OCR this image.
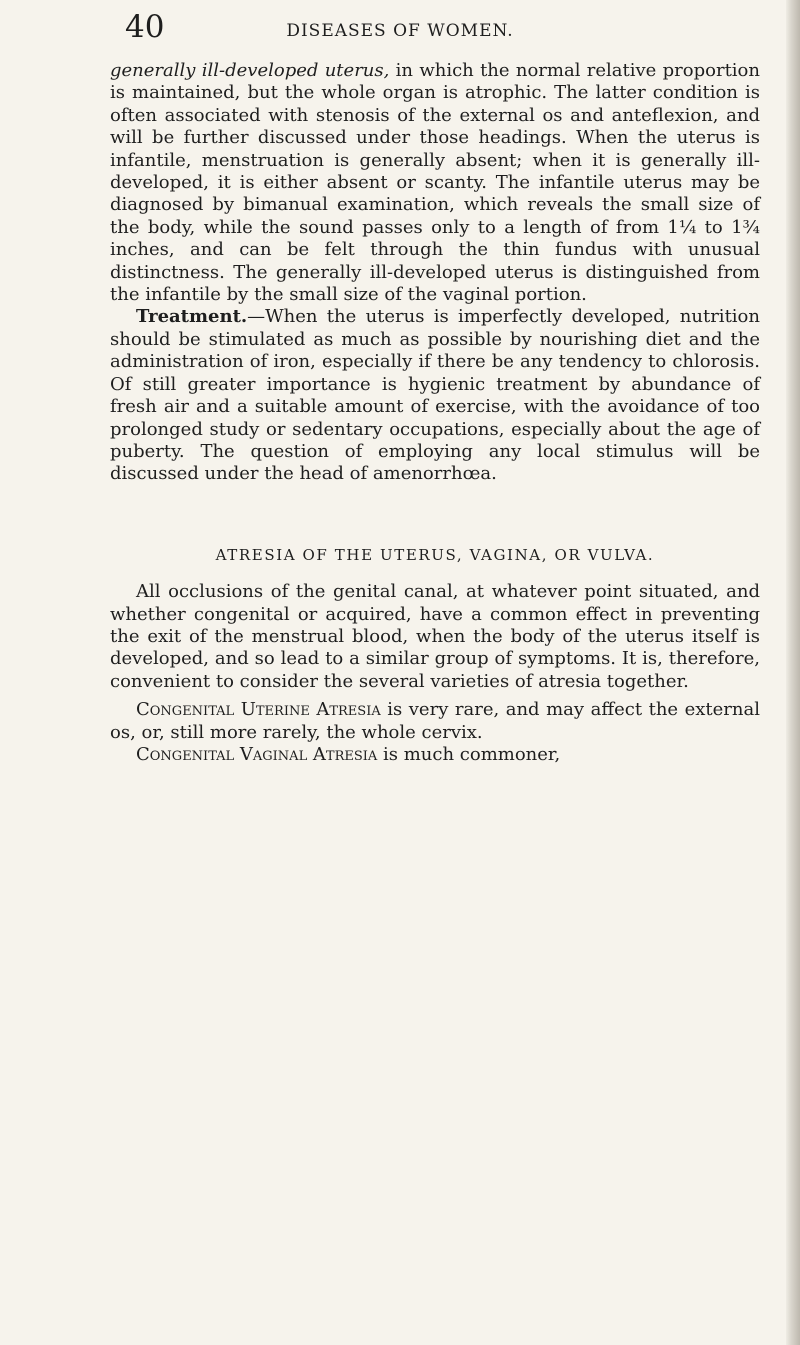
40	DISEASES OF WOMEN.

generally ill-developed uterus, in which the normal relative proportion is maintained, but the whole organ is atrophic. The latter condition is often associated with stenosis of the external os and anteflexion, and will be further discussed under those headings. When the uterus is infantile, menstruation is generally absent; when it is generally ill-developed, it is either absent or scanty. The infantile uterus may be diagnosed by bimanual examination, which reveals the small size of the body, while the sound passes only to a length of from 1¼ to 1¾ inches, and can be felt through the thin fundus with unusual distinctness. The generally ill-developed uterus is distinguished from the infantile by the small size of the vaginal portion.

Treatment.—When the uterus is imperfectly developed, nutrition should be stimulated as much as possible by nourishing diet and the administration of iron, especially if there be any tendency to chlorosis. Of still greater importance is hygienic treatment by abundance of fresh air and a suitable amount of exercise, with the avoidance of too prolonged study or sedentary occupations, especially about the age of puberty. The question of employing any local stimulus will be discussed under the head of amenorrhœa.

ATRESIA OF THE UTERUS, VAGINA, OR VULVA.

All occlusions of the genital canal, at whatever point situated, and whether congenital or acquired, have a common effect in preventing the exit of the menstrual blood, when the body of the uterus itself is developed, and so lead to a similar group of symptoms. It is, therefore, convenient to consider the several varieties of atresia together.

Congenital Uterine Atresia is very rare, and may affect the external os, or, still more rarely, the whole cervix.

Congenital Vaginal Atresia is much commoner,
